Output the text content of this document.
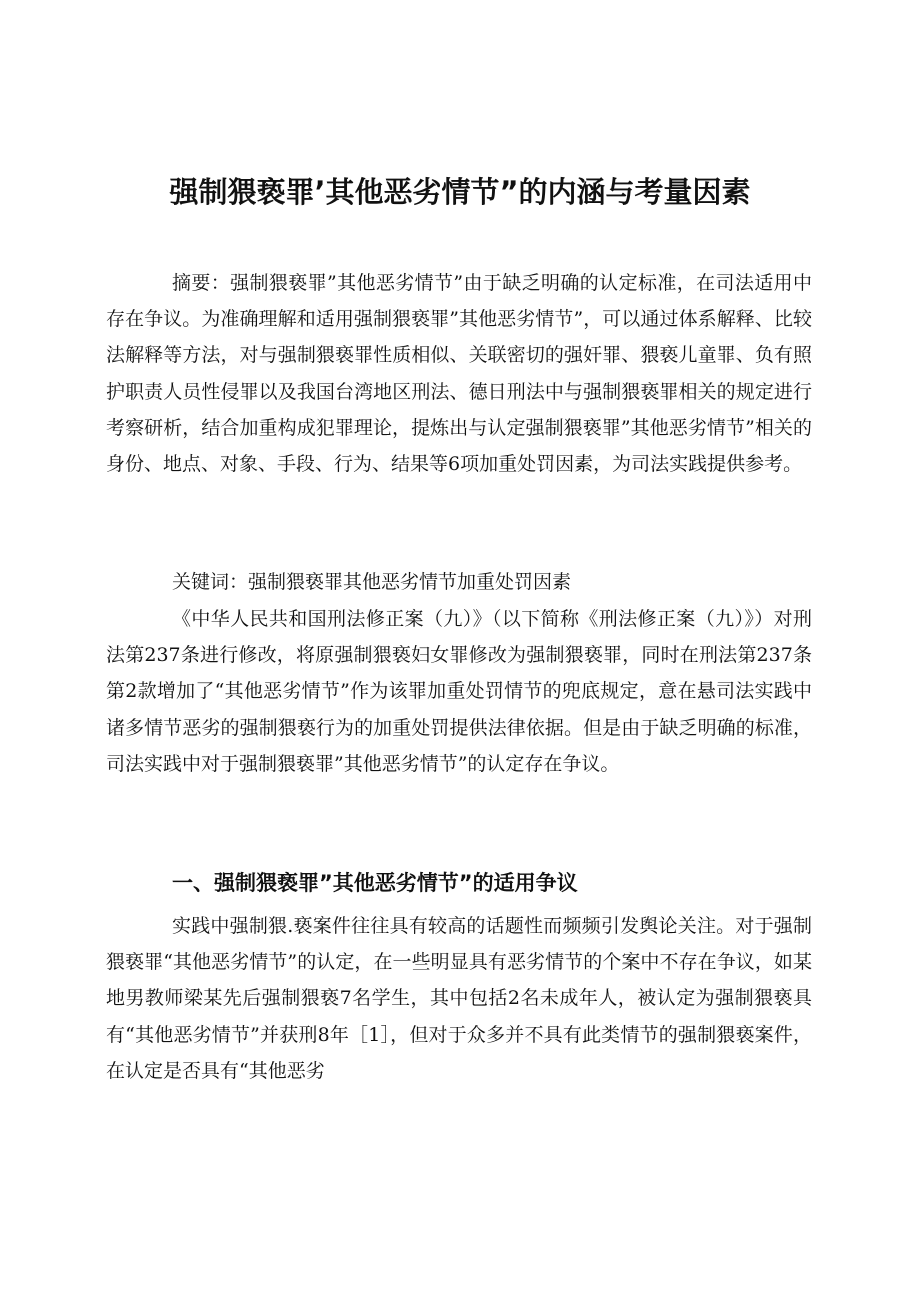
强制猥亵罪’其他恶劣情节”的内涵与考量因素

摘要：强制猥亵罪”其他恶劣情节”由于缺乏明确的认定标准，在司法适用中存在争议。为准确理解和适用强制猥亵罪”其他恶劣情节”，可以通过体系解释、比较法解释等方法，对与强制猥亵罪性质相似、关联密切的强奸罪、猥亵儿童罪、负有照护职责人员性侵罪以及我国台湾地区刑法、德日刑法中与强制猥亵罪相关的规定进行考察研析，结合加重构成犯罪理论，提炼出与认定强制猥亵罪”其他恶劣情节”相关的身份、地点、对象、手段、行为、结果等6项加重处罚因素，为司法实践提供参考。

关键词：强制猥亵罪其他恶劣情节加重处罚因素

《中华人民共和国刑法修正案（九）》（以下简称《刑法修正案（九）》）对刑法第237条进行修改，将原强制猥亵妇女罪修改为强制猥亵罪，同时在刑法第237条第2款增加了“其他恶劣情节”作为该罪加重处罚情节的兜底规定，意在悬司法实践中诸多情节恶劣的强制猥亵行为的加重处罚提供法律依据。但是由于缺乏明确的标准，司法实践中对于强制猥亵罪”其他恶劣情节”的认定存在争议。

一、强制猥亵罪”其他恶劣情节”的适用争议

实践中强制猥.亵案件往往具有较高的话题性而频频引发舆论关注。对于强制猥亵罪“其他恶劣情节”的认定，在一些明显具有恶劣情节的个案中不存在争议，如某地男教师梁某先后强制猥亵7名学生，其中包括2名未成年人，被认定为强制猥亵具有“其他恶劣情节”并获刑8年［1］，但对于众多并不具有此类情节的强制猥亵案件，在认定是否具有“其他恶劣
